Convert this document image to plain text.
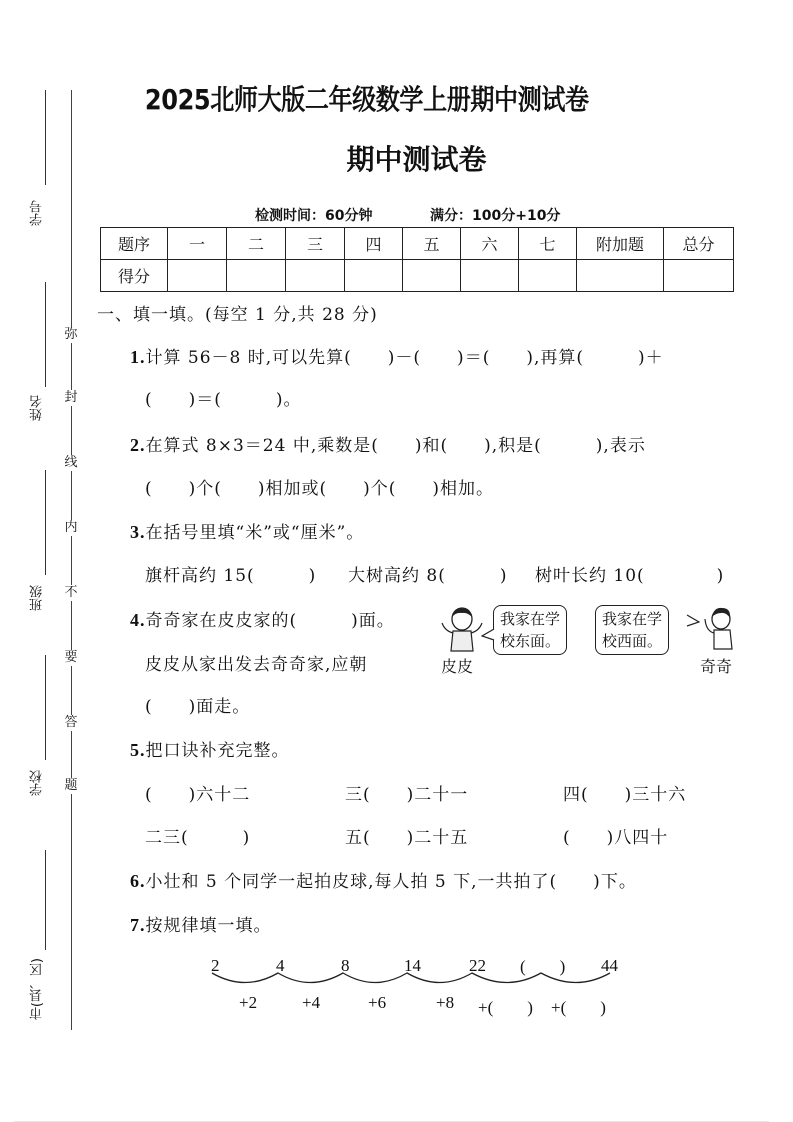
学号
姓名
班级
学校
市(县、区)
弥
封
线
内
不
要
答
题
2025北师大版二年级数学上册期中测试卷
期中测试卷
检测时间：60分钟	满分：100分+10分
题序	一	二	三	四	五	六	七	附加题	总分
得分									
一、填一填。(每空 1 分,共 28 分)
1.计算 56－8 时,可以先算(　　)－(　　)＝(　　),再算(　　　)＋
(　　)＝(　　　)。
2.在算式 8×3＝24 中,乘数是(　　)和(　　),积是(　　　),表示
(　　)个(　　)相加或(　　)个(　　)相加。
3.在括号里填“米”或“厘米”。
旗杆高约 15(　　　) 大树高约 8(　　　) 树叶长约 10(　　　　)
4.奇奇家在皮皮家的(　　　)面。
皮皮从家出发去奇奇家,应朝
(　　)面走。
皮皮
我家在学
校东面。
我家在学
校西面。
奇奇
5.把口诀补充完整。
(　　)六十二	三(　　)二十一	四(　　)三十六
二三(　　　)	五(　　)二十五	(　　)八四十
6.小壮和 5 个同学一起拍皮球,每人拍 5 下,一共拍了(　　)下。
7.按规律填一填。
2	4	8	14	22 (　　) 44
+2	+4	+6	+8 +(　　) +(　　)
